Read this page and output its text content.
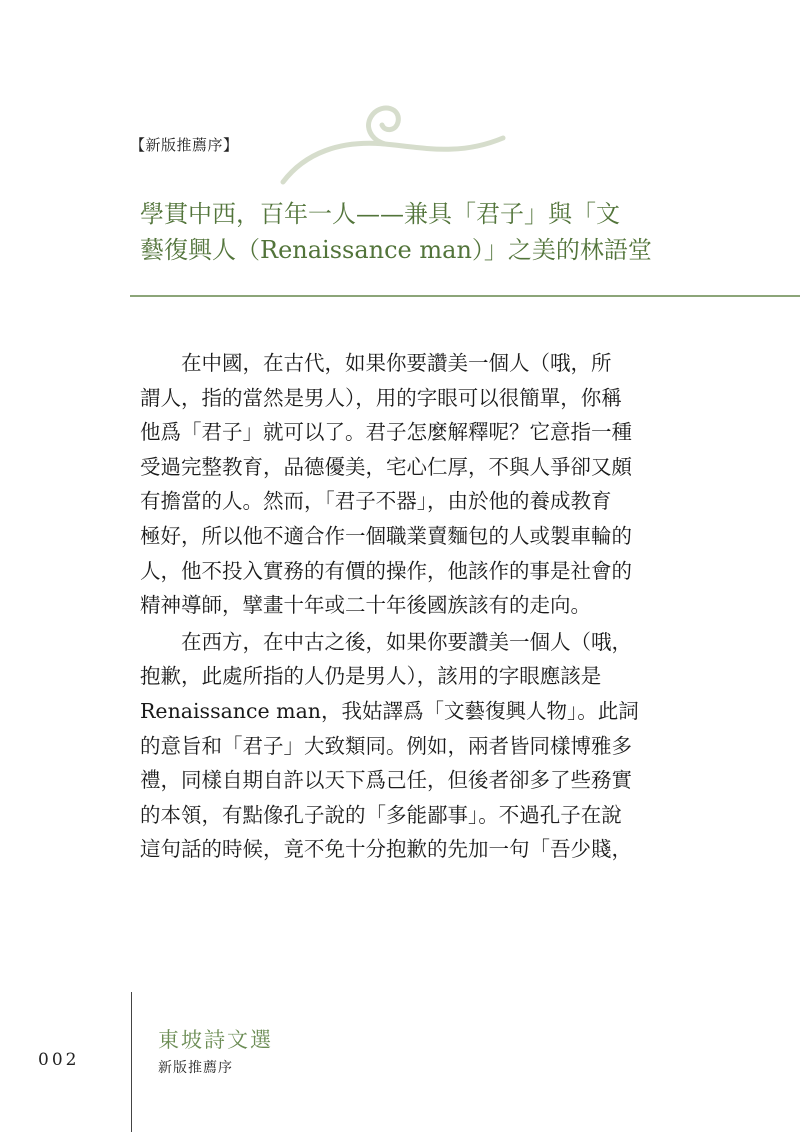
【新版推薦序】
學貫中西，百年一人——兼具「君子」與「文
藝復興人（Renaissance man）」之美的林語堂
　　在中國，在古代，如果你要讚美一個人（哦，所
謂人，指的當然是男人），用的字眼可以很簡單，你稱
他爲「君子」就可以了。君子怎麼解釋呢？它意指一種
受過完整教育，品德優美，宅心仁厚，不與人爭卻又頗
有擔當的人。然而，「君子不器」，由於他的養成教育
極好，所以他不適合作一個職業賣麵包的人或製車輪的
人，他不投入實務的有價的操作，他該作的事是社會的
精神導師，擘畫十年或二十年後國族該有的走向。
　　在西方，在中古之後，如果你要讚美一個人（哦，
抱歉，此處所指的人仍是男人），該用的字眼應該是
Renaissance man，我姑譯爲「文藝復興人物」。此詞
的意旨和「君子」大致類同。例如，兩者皆同樣博雅多
禮，同樣自期自許以天下爲己任，但後者卻多了些務實
的本領，有點像孔子說的「多能鄙事」。不過孔子在說
這句話的時候，竟不免十分抱歉的先加一句「吾少賤，
002
東坡詩文選
新版推薦序
